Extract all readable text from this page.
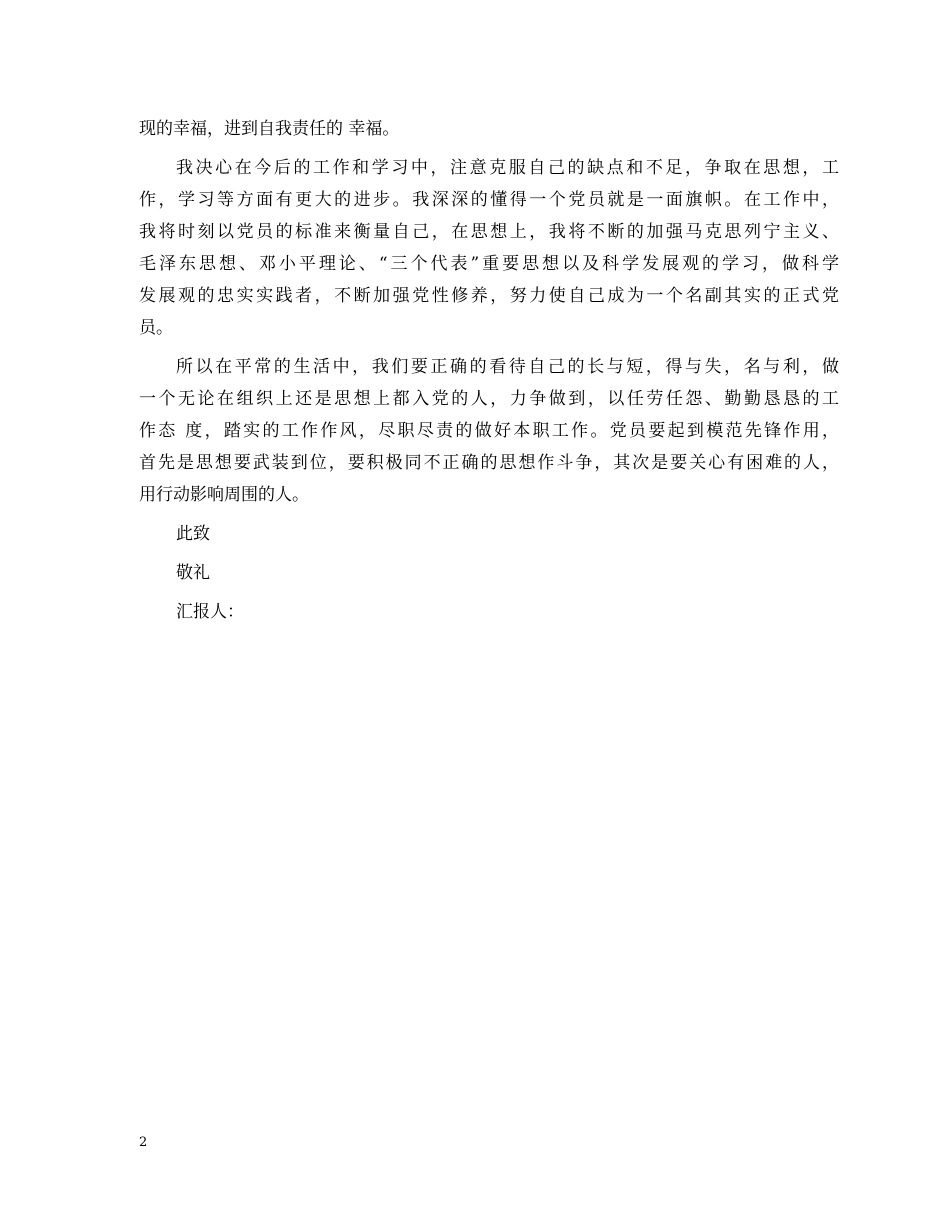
现的幸福，进到自我责任的 幸福。
我决心在今后的工作和学习中，注意克服自己的缺点和不足，争取在思想，工
作，学习等方面有更大的进步。我深深的懂得一个党员就是一面旗帜。在工作中，
我将时刻以党员的标准来衡量自己，在思想上，我将不断的加强马克思列宁主义、
毛泽东思想、邓小平理论、“三个代表”重要思想以及科学发展观的学习，做科学
发展观的忠实实践者，不断加强党性修养，努力使自己成为一个名副其实的正式党
员。
所以在平常的生活中，我们要正确的看待自己的长与短，得与失，名与利，做
一个无论在组织上还是思想上都入党的人，力争做到，以任劳任怨、勤勤恳恳的工
作态 度，踏实的工作作风，尽职尽责的做好本职工作。党员要起到模范先锋作用，
首先是思想要武装到位，要积极同不正确的思想作斗争，其次是要关心有困难的人，
用行动影响周围的人。
此致
敬礼
汇报人：
2
